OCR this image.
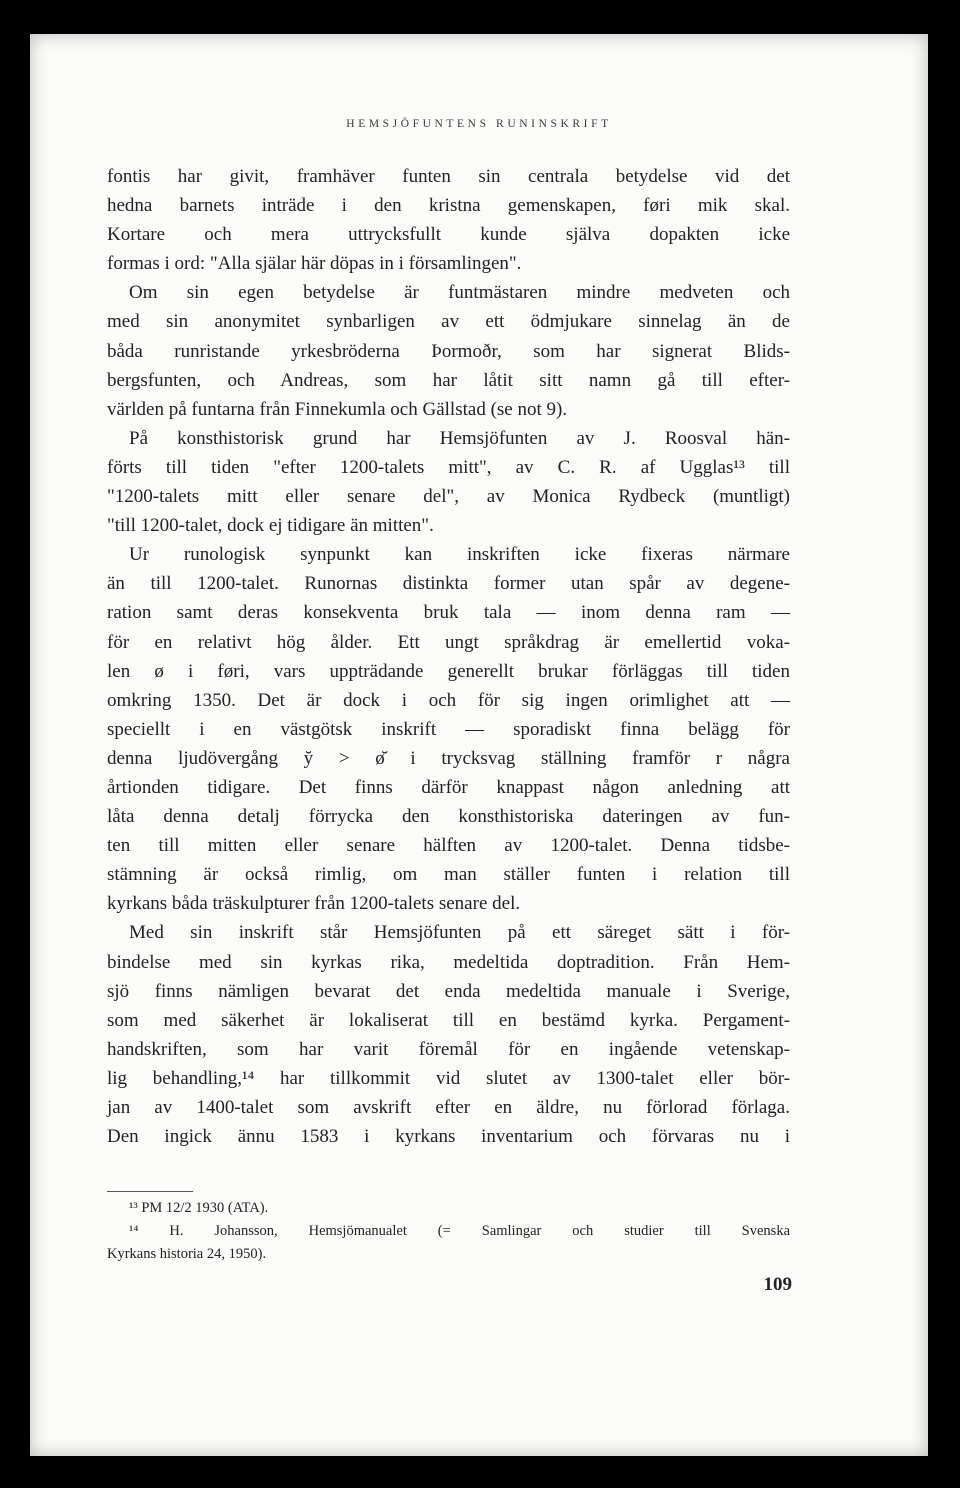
HEMSJÖFUNTENS RUNINSKRIFT
fontis har givit, framhäver funten sin centrala betydelse vid det
hedna barnets inträde i den kristna gemenskapen, føri mik skal.
Kortare och mera uttrycksfullt kunde själva dopakten icke
formas i ord: "Alla själar här döpas in i församlingen".
Om sin egen betydelse är funtmästaren mindre medveten och
med sin anonymitet synbarligen av ett ödmjukare sinnelag än de
båda runristande yrkesbröderna Þormoðr, som har signerat Blids-
bergsfunten, och Andreas, som har låtit sitt namn gå till efter-
världen på funtarna från Finnekumla och Gällstad (se not 9).
På konsthistorisk grund har Hemsjöfunten av J. Roosval hän-
förts till tiden "efter 1200-talets mitt", av C. R. af Ugglas¹³ till
"1200-talets mitt eller senare del", av Monica Rydbeck (muntligt)
"till 1200-talet, dock ej tidigare än mitten".
Ur runologisk synpunkt kan inskriften icke fixeras närmare
än till 1200-talet. Runornas distinkta former utan spår av degene-
ration samt deras konsekventa bruk tala — inom denna ram —
för en relativt hög ålder. Ett ungt språkdrag är emellertid voka-
len ø i føri, vars uppträdande generellt brukar förläggas till tiden
omkring 1350. Det är dock i och för sig ingen orimlighet att —
speciellt i en västgötsk inskrift — sporadiskt finna belägg för
denna ljudövergång y̆ > ø̆ i trycksvag ställning framför r några
årtionden tidigare. Det finns därför knappast någon anledning att
låta denna detalj förrycka den konsthistoriska dateringen av fun-
ten till mitten eller senare hälften av 1200-talet. Denna tidsbe-
stämning är också rimlig, om man ställer funten i relation till
kyrkans båda träskulpturer från 1200-talets senare del.
Med sin inskrift står Hemsjöfunten på ett säreget sätt i för-
bindelse med sin kyrkas rika, medeltida doptradition. Från Hem-
sjö finns nämligen bevarat det enda medeltida manuale i Sverige,
som med säkerhet är lokaliserat till en bestämd kyrka. Pergament-
handskriften, som har varit föremål för en ingående vetenskap-
lig behandling,¹⁴ har tillkommit vid slutet av 1300-talet eller bör-
jan av 1400-talet som avskrift efter en äldre, nu förlorad förlaga.
Den ingick ännu 1583 i kyrkans inventarium och förvaras nu i
¹³ PM 12/2 1930 (ATA).
¹⁴ H. Johansson, Hemsjömanualet (= Samlingar och studier till Svenska
Kyrkans historia 24, 1950).
109
